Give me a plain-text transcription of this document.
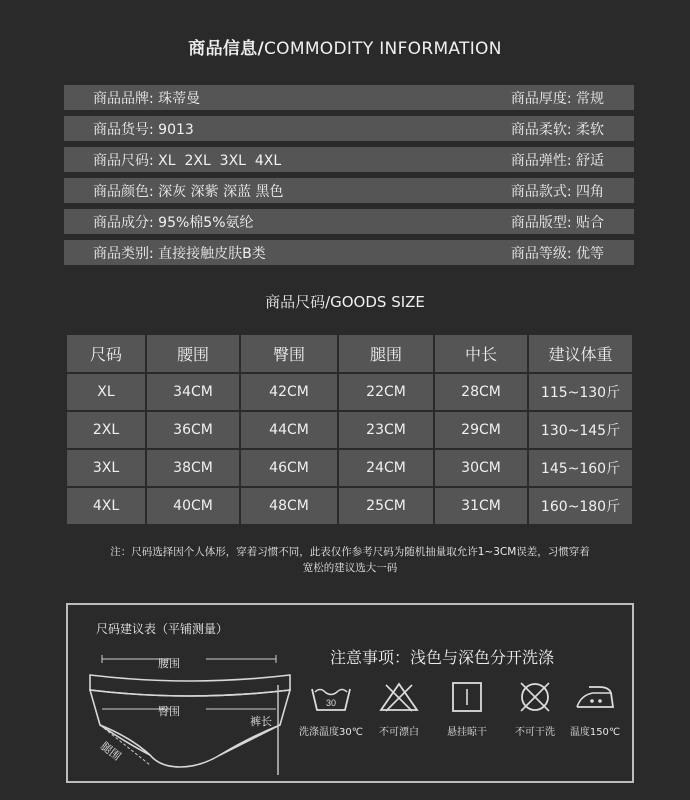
商品信息/COMMODITY INFORMATION
商品品牌: 珠蒂曼	商品厚度: 常规
商品货号: 9013	商品柔软: 柔软
商品尺码: XL  2XL  3XL  4XL	商品弹性: 舒适
商品颜色: 深灰 深紫 深蓝 黑色	商品款式: 四角
商品成分: 95%棉5%氨纶	商品版型: 贴合
商品类别: 直接接触皮肤B类	商品等级: 优等
商品尺码/GOODS SIZE
尺码	腰围	臀围	腿围	中长	建议体重
XL	34CM	42CM	22CM	28CM	115~130斤
2XL	36CM	44CM	23CM	29CM	130~145斤
3XL	38CM	46CM	24CM	30CM	145~160斤
4XL	40CM	48CM	25CM	31CM	160~180斤
注：尺码选择因个人体形，穿着习惯不同，此表仅作参考尺码为随机抽量取允许1~3CM误差，习惯穿着
宽松的建议选大一码
尺码建议表（平铺测量）
腰围
臀围
裤长
腿围
注意事项：浅色与深色分开洗涤
30
洗涤温度30℃	不可漂白	悬挂晾干	不可干洗	温度150℃
